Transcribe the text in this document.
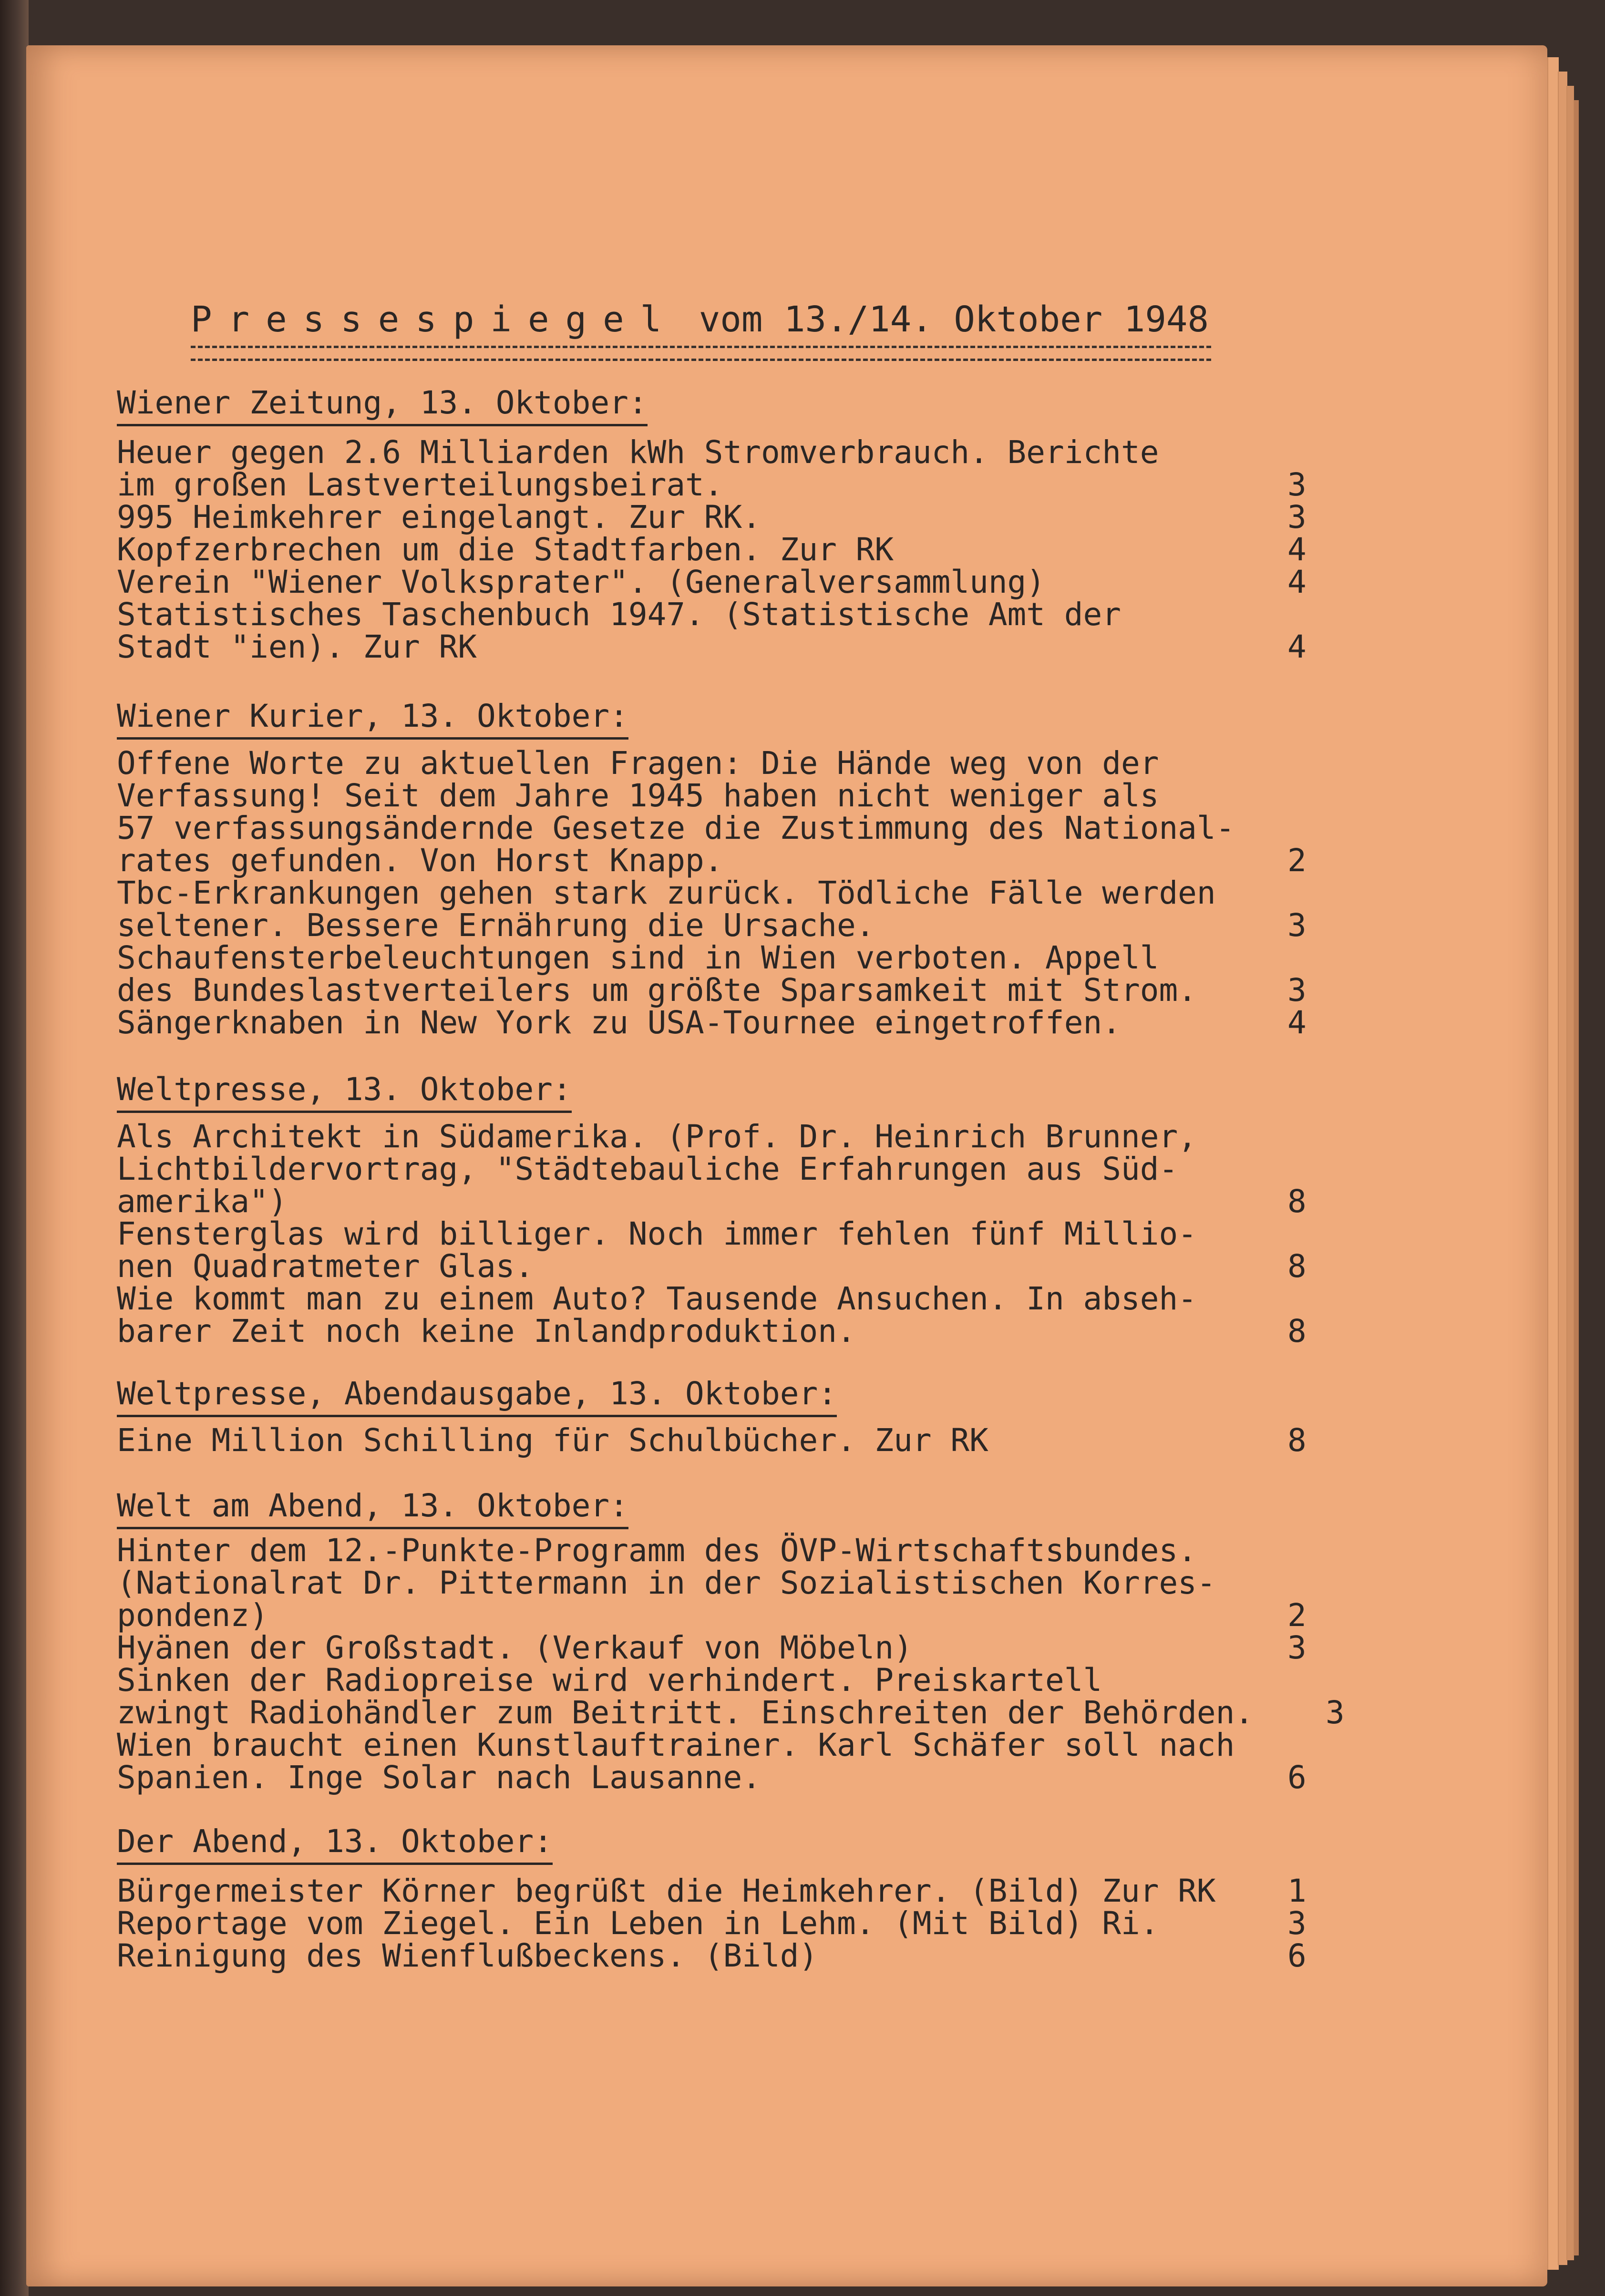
Pressespiegel vom 13./14. Oktober 1948
Wiener Zeitung, 13. Oktober:
Heuer gegen 2.6 Milliarden kWh Stromverbrauch. Berichte
im großen Lastverteilungsbeirat.
995 Heimkehrer eingelangt. Zur RK.
Kopfzerbrechen um die Stadtfarben. Zur RK
Verein "Wiener Volksprater". (Generalversammlung)
Statistisches Taschenbuch 1947. (Statistische Amt der
Stadt "ien). Zur RK
3
3
4
4
4
Wiener Kurier, 13. Oktober:
Offene Worte zu aktuellen Fragen: Die Hände weg von der
Verfassung! Seit dem Jahre 1945 haben nicht weniger als
57 verfassungsändernde Gesetze die Zustimmung des National-
rates gefunden. Von Horst Knapp.
Tbc-Erkrankungen gehen stark zurück. Tödliche Fälle werden
seltener. Bessere Ernährung die Ursache.
Schaufensterbeleuchtungen sind in Wien verboten. Appell
des Bundeslastverteilers um größte Sparsamkeit mit Strom.
Sängerknaben in New York zu USA-Tournee eingetroffen.
2
3
3
4
Weltpresse, 13. Oktober:
Als Architekt in Südamerika. (Prof. Dr. Heinrich Brunner,
Lichtbildervortrag, "Städtebauliche Erfahrungen aus Süd-
amerika")
Fensterglas wird billiger. Noch immer fehlen fünf Millio-
nen Quadratmeter Glas.
Wie kommt man zu einem Auto? Tausende Ansuchen. In abseh-
barer Zeit noch keine Inlandproduktion.
8
8
8
Weltpresse, Abendausgabe, 13. Oktober:
Eine Million Schilling für Schulbücher. Zur RK	8
Welt am Abend, 13. Oktober:
Hinter dem 12.-Punkte-Programm des ÖVP-Wirtschaftsbundes.
(Nationalrat Dr. Pittermann in der Sozialistischen Korres-
pondenz)
Hyänen der Großstadt. (Verkauf von Möbeln)
Sinken der Radiopreise wird verhindert. Preiskartell
zwingt Radiohändler zum Beitritt. Einschreiten der Behörden.
Wien braucht einen Kunstlauftrainer. Karl Schäfer soll nach
Spanien. Inge Solar nach Lausanne.
2
3
3
6
Der Abend, 13. Oktober:
Bürgermeister Körner begrüßt die Heimkehrer. (Bild) Zur RK
Reportage vom Ziegel. Ein Leben in Lehm. (Mit Bild) Ri.
Reinigung des Wienflußbeckens. (Bild)
1
3
6
